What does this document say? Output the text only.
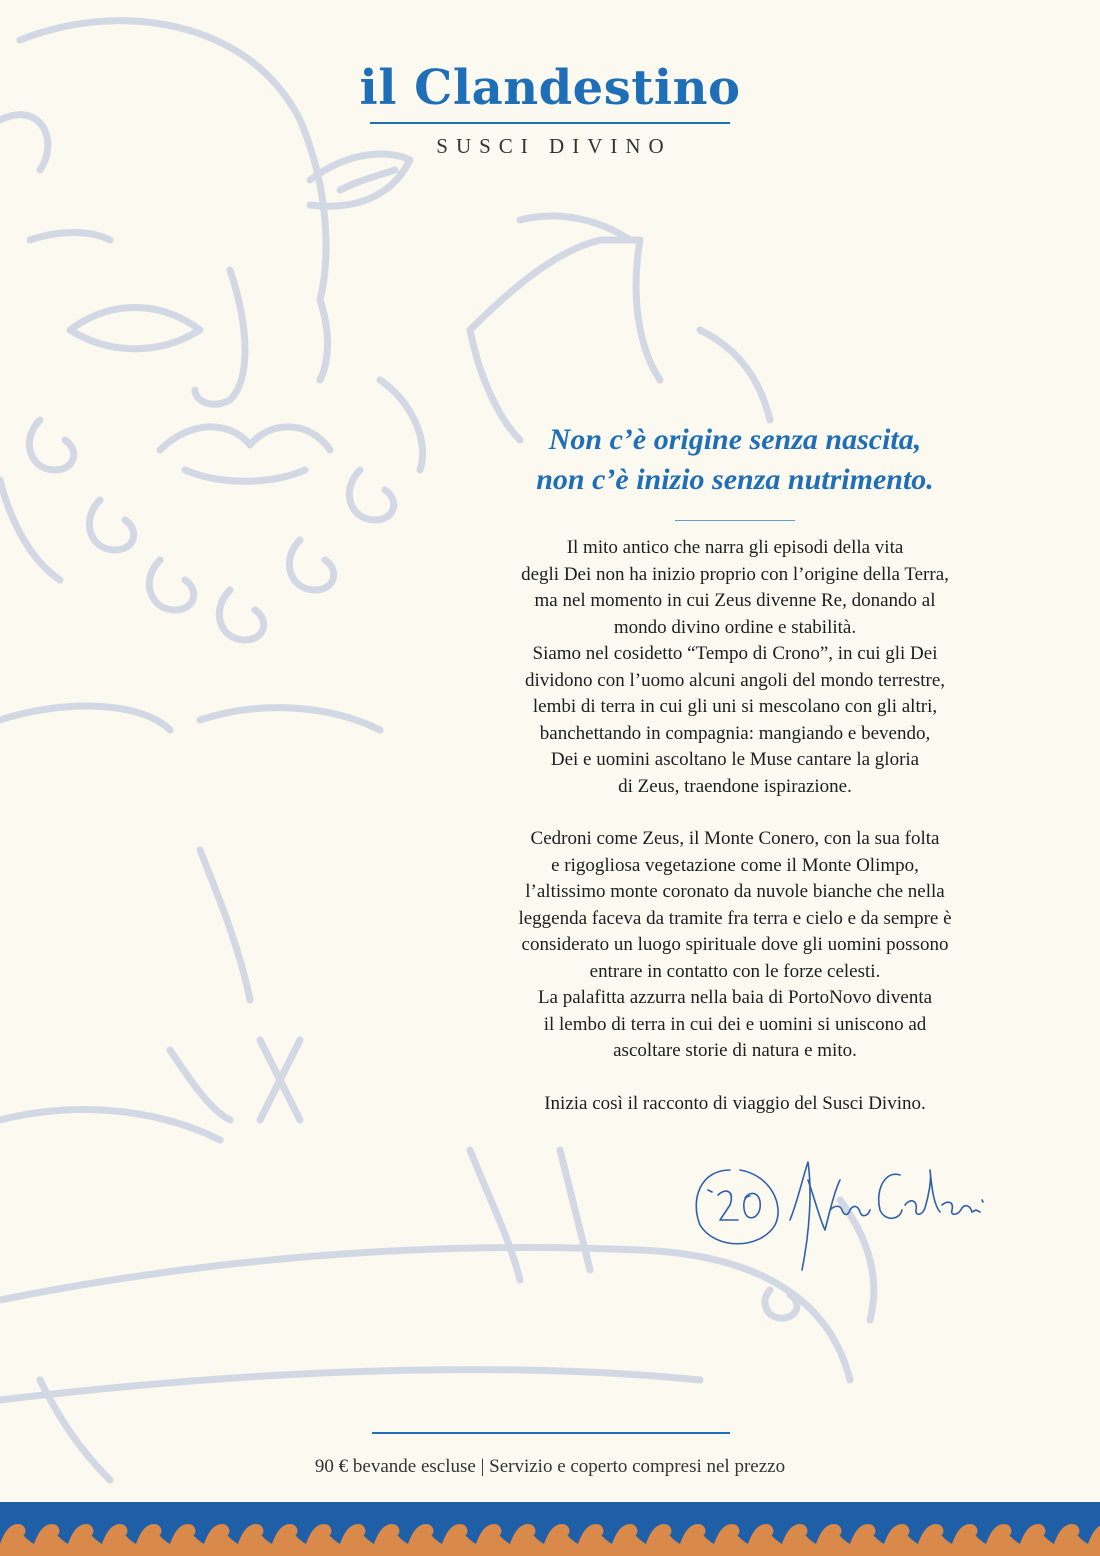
il Clandestino
SUSCI DIVINO
Non c’è origine senza nascita,
non c’è inizio senza nutrimento.

Il mito antico che narra gli episodi della vita
degli Dei non ha inizio proprio con l’origine della Terra,
ma nel momento in cui Zeus divenne Re, donando al
mondo divino ordine e stabilità.
Siamo nel cosidetto “Tempo di Crono”, in cui gli Dei
dividono con l’uomo alcuni angoli del mondo terrestre,
lembi di terra in cui gli uni si mescolano con gli altri,
banchettando in compagnia: mangiando e bevendo,
Dei e uomini ascoltano le Muse cantare la gloria
di Zeus, traendone ispirazione.

Cedroni come Zeus, il Monte Conero, con la sua folta
e rigogliosa vegetazione come il Monte Olimpo,
l’altissimo monte coronato da nuvole bianche che nella
leggenda faceva da tramite fra terra e cielo e da sempre è
considerato un luogo spirituale dove gli uomini possono
entrare in contatto con le forze celesti.
La palafitta azzurra nella baia di PortoNovo diventa
il lembo di terra in cui dei e uomini si uniscono ad
ascoltare storie di natura e mito.

Inizia così il racconto di viaggio del Susci Divino.

90 € bevande escluse | Servizio e coperto compresi nel prezzo
